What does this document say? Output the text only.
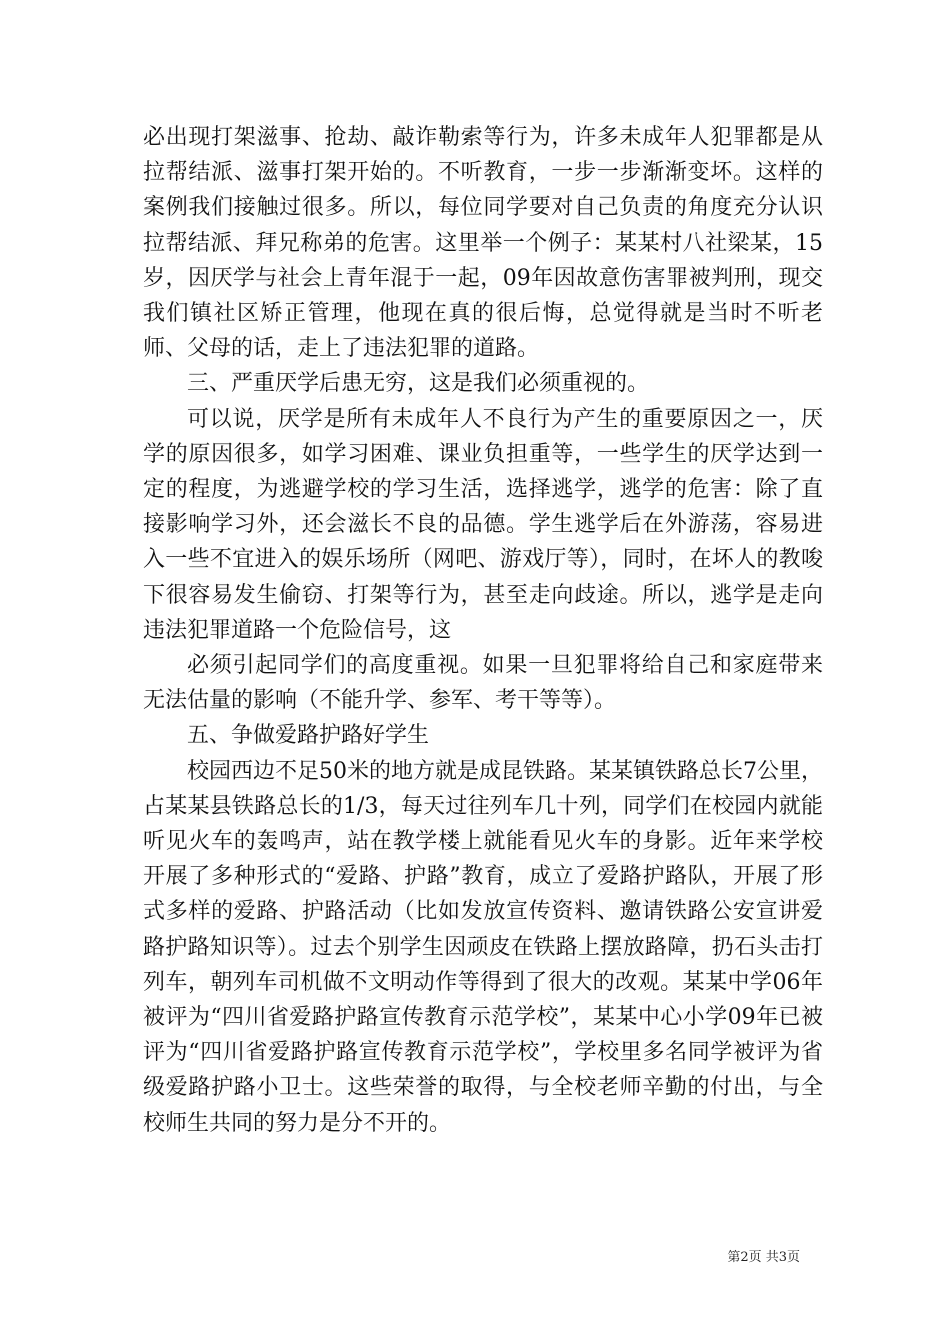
必出现打架滋事、抢劫、敲诈勒索等行为，许多未成年人犯罪都是从拉帮结派、滋事打架开始的。不听教育，一步一步渐渐变坏。这样的案例我们接触过很多。所以，每位同学要对自己负责的角度充分认识拉帮结派、拜兄称弟的危害。这里举一个例子：某某村八社梁某，15岁，因厌学与社会上青年混于一起，09年因故意伤害罪被判刑，现交我们镇社区矫正管理，他现在真的很后悔，总觉得就是当时不听老师、父母的话，走上了违法犯罪的道路。

三、严重厌学后患无穷，这是我们必须重视的。

可以说，厌学是所有未成年人不良行为产生的重要原因之一，厌学的原因很多，如学习困难、课业负担重等，一些学生的厌学达到一定的程度，为逃避学校的学习生活，选择逃学，逃学的危害：除了直接影响学习外，还会滋长不良的品德。学生逃学后在外游荡，容易进入一些不宜进入的娱乐场所（网吧、游戏厅等），同时，在坏人的教唆下很容易发生偷窃、打架等行为，甚至走向歧途。所以，逃学是走向违法犯罪道路一个危险信号，这

必须引起同学们的高度重视。如果一旦犯罪将给自己和家庭带来无法估量的影响（不能升学、参军、考干等等）。

五、争做爱路护路好学生

校园西边不足50米的地方就是成昆铁路。某某镇铁路总长7公里，占某某县铁路总长的1/3，每天过往列车几十列，同学们在校园内就能听见火车的轰鸣声，站在教学楼上就能看见火车的身影。近年来学校开展了多种形式的“爱路、护路”教育，成立了爱路护路队，开展了形式多样的爱路、护路活动（比如发放宣传资料、邀请铁路公安宣讲爱路护路知识等）。过去个别学生因顽皮在铁路上摆放路障，扔石头击打列车，朝列车司机做不文明动作等得到了很大的改观。某某中学06年被评为“四川省爱路护路宣传教育示范学校”，某某中心小学09年已被评为“四川省爱路护路宣传教育示范学校”，学校里多名同学被评为省级爱路护路小卫士。这些荣誉的取得，与全校老师辛勤的付出，与全校师生共同的努力是分不开的。

第2页 共3页
